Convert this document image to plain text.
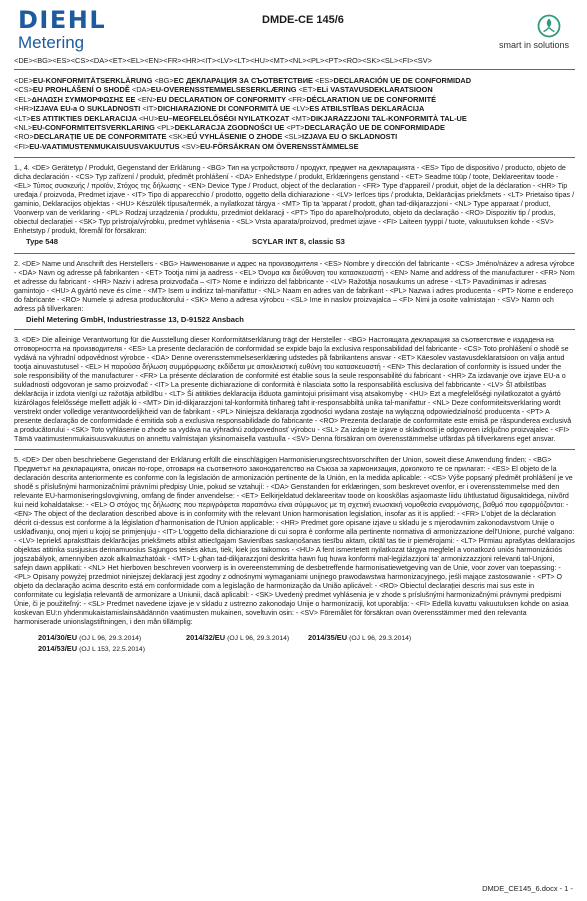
DIEHL
Metering
DMDE-CE 145/6
smart in solutions
<DE><BG><ES><CS><DA><ET><EL><EN><FR><HR><IT><LV><LT><HU><MT><NL><PL><PT><RO><SK><SL><FI><SV>
<DE>EU-KONFORMITÄTSERKLÄRUNG <BG>ЕС ДЕКЛАРАЦИЯ ЗА СЪОТВЕТСТВИЕ <ES>DECLARACIÓN UE DE CONFORMIDAD
<CS>EU PROHLÁŠENÍ O SHODĚ <DA>EU-OVERENSSTEMMELSESERKLÆRING <ET>ELi VASTAVUSDEKLARATSIOON
<EL>ΔΗΛΩΣΗ ΣΥΜΜΟΡΦΩΣΗΣ ΕΕ <EN>EU DECLARATION OF CONFORMITY <FR>DÉCLARATION UE DE CONFORMITÉ
<HR>IZJAVA EU-a O SUKLADNOSTI <IT>DICHIARAZIONE DI CONFORMITÀ UE <LV>ES ATBILSTĪBAS DEKLARĀCIJA
<LT>ES ATITIKTIES DEKLARACIJA <HU>EU–MEGFELELŐSÉGI NYILATKOZAT <MT>DIKJARAZZJONI TAL-KONFORMITÀ TAL-UE
<NL>EU-CONFORMITEITSVERKLARING <PL>DEKLARACJA ZGODNOŚCI UE <PT>DECLARAÇÃO UE DE CONFORMIDADE
<RO>DECLARAȚIE UE DE CONFORMITATE <SK>EÚ VYHLÁSENIE O ZHODE <SL>IZJAVA EU O SKLADNOSTI
<FI>EU-VAATIMUSTENMUKAISUUSVAKUUTUS <SV>EU-FÖRSÄKRAN OM ÖVERENSSTÄMMELSE

1., 4. <DE> Gerätetyp / Produkt, Gegenstand der Erklärung - <BG> Тип на устройството / продукт, предмет на декларацията - <ES> Tipo de dispositivo / producto, objeto de dicha declaración - <CS> Typ zařízení / produkt, předmět prohlášení - <DA> Enhedstype / produkt, Erklæringens genstand - <ET> Seadme tüüp / toote, Deklareeritav toode - <EL> Τύπος συσκευής / προϊόν, Στόχος της δήλωσης - <EN> Device Type / Product, object of the declaration - <FR> Type d'appareil / produit, objet de la déclaration - <HR> Tip uređaja / proizvoda, Predmet izjave - <IT> Tipo di apparecchio / prodotto, oggetto della dichiarazione - <LV> Ierīces tips / produkta, Deklarācijas priekšmets - <LT> Prietaiso tipas / gaminio, Deklaracijos objektas - <HU> Készülék típusa/termék, a nyilatkozat tárgya - <MT> Tip ta 'apparat / prodott, għan tad-dikjarazzjoni - <NL> Type apparaat / product, Voorwerp van de verklaring - <PL> Rodzaj urządzenia / produktu, przedmiot deklaracji - <PT> Tipo do aparelho/produto, objeto da declaração - <RO> Dispozitiv tip / produs, obiectul declarației - <SK> Typ prístroja/výrobku, predmet vyhlásenia - <SL> Vrsta aparata/proizvod, predmet izjave - <FI> Laiteen tyyppi / tuote, vakuutuksen kohde - <SV> Enhetstyp / produkt, föremål för försäkran:

Type 548	SCYLAR INT 8, classic S3

2. <DE> Name und Anschrift des Herstellers - <BG> Наименование и адрес на производителя - <ES> Nombre y dirección del fabricante - <CS> Jméno/název a adresa výrobce - <DA> Navn og adresse på fabrikanten - <ET> Tootja nimi ja aadress - <EL> Όνομα και διεύθυνση του κατασκευαστή - <EN> Name and address of the manufacturer - <FR> Nom et adresse du fabricant - <HR> Naziv i adresa proizvođača – <IT> Nome e indirizzo del fabbricante - <LV> Ražotāja nosaukums un adrese - <LT> Pavadinimas ir adresas gamintojo - <HU> A gyártó neve és címe - <MT> Isem u indirizz tal-manifattur - <NL> Naam en adres van de fabrikant - <PL> Nazwa i adres producenta - <PT> Nome e endereço do fabricante - <RO> Numele și adresa producătorului - <SK> Meno a adresa výrobcu - <SL> Ime in naslov proizvajalca – <FI> Nimi ja osoite valmistajan - <SV> Namn och adress på tillverkaren:

Diehl Metering GmbH, Industriestrasse 13, D-91522 Ansbach

3. <DE> Die alleinige Verantwortung für die Ausstellung dieser Konformitätserklärung trägt der Hersteller - <BG> Настоящата декларация за съответствие е издадена на отговорността на производителя - <ES> La presente declaración de conformidad se expide bajo la exclusiva responsabilidad del fabricante - <CS> Toto prohlášení o shodě se vydává na výhradní odpovědnost výrobce - <DA> Denne overensstemmelseserklæring udstedes på fabrikantens ansvar - <ET> Käesolev vastavusdeklaratsioon on välja antud tootja ainuvastutusel - <EL> Η παρούσα δήλωση συμμόρφωσης εκδίδεται με αποκλειστική ευθύνη του κατασκευαστή - <EN> This declaration of conformity is issued under the sole responsibility of the manufacturer - <FR> La présente déclaration de conformité est établie sous la seule responsabilité du fabricant - <HR> Za izdavanje ove izjave EU-a o sukladnosti odgovoran je samo proizvođač - <IT> La presente dichiarazione di conformità è rilasciata sotto la responsabilità esclusiva del fabbricante - <LV> Šī atbilstības deklarācija ir izdota vienīgi uz ražotāja atbildību - <LT> Ši atitikties deklaracija išduota gamintojui prisiimant visą atsakomybę - <HU> Ezt a megfelelőségi nyilatkozatot a gyártó kizárólagos felelőssége mellett adják ki - <MT> Din id-dikjarazzjoni tal-konformità tinħareġ taħt ir-responsabbiltà unika tal-manifattur - <NL> Deze conformiteitsverklaring wordt verstrekt onder volledige verantwoordelijkheid van de fabrikant - <PL> Niniejsza deklaracja zgodności wydana zostaje na wyłączną odpowiedzialność producenta - <PT> A presente declaração de conformidade é emitida sob a exclusiva responsabilidade do fabricante - <RO> Prezenta declarație de conformitate este emisă pe răspunderea exclusivă a producătorului - <SK> Toto vyhlásenie o zhode sa vydáva na výhradnú zodpovednosť výrobcu - <SL> Za izdajo te izjave o skladnosti je odgovoren izključno proizvajalec - <FI> Tämä vaatimustenmukaisuusvakuutus on annettu valmistajan yksinomaisella vastuulla - <SV> Denna försäkran om överensstämmelse utfärdas på tillverkarens eget ansvar.

5. <DE> Der oben beschriebene Gegenstand der Erklärung erfüllt die einschlägigen Harmonisierungsrechtsvorschriften der Union, soweit diese Anwendung finden: - <BG> Предметът на декларацията, описан по-горе, отговаря на съответното законодателство на Съюза за хармонизация, доколкото те се прилагат: - <ES> El objeto de la declaración descrita anteriormente es conforme con la legislación de armonización pertinente de la Unión, en la medida aplicable: - <CS> Výše popsaný předmět prohlášení je ve shodě s příslušnými harmonizačními právními předpisy Unie, pokud se vztahují: - <DA> Genstanden for erklæringen, som beskrevet ovenfor, er i overensstemmelse med den relevante EU-harmoniseringslovgivning, omfang de finder anvendelse: - <ET> Eelkirjeldatud deklareeritav toode on kooskõlas asjaomaste liidu ühtlustatud õigusaktidega, niivõrd kui neid kohaldatakse: - <EL> Ο στόχος της δήλωσης που περιγράφεται παραπάνω είναι σύμφωνος με τη σχετική ενωσιακή νομοθεσία εναρμόνισης, βαθμό που εφαρμόζονται: - <EN> The object of the declaration described above is in conformity with the relevant Union harmonisation legislation, insofar as it is applied: - <FR> L'objet de la déclaration décrit ci-dessus est conforme à la législation d'harmonisation de l'Union applicable: - <HR> Predmet gore opisane izjave u skladu je s mjerodavnim zakonodavstvom Unije o usklađivanju, onoj mjeri u kojoj se primjenjuju - <IT> L'oggetto della dichiarazione di cui sopra è conforme alla pertinente normativa di armonizzazione dell'Unione, purché valgano: - <LV> Iepriekš aprakstītais deklarācijas priekšmets atbilst attiecīgajam Savienības saskaņošanas tiesību aktam, ciktāl tas tie ir piemērojami: - <LT> Pirmiau aprašytas deklaracijos objektas atitinka susijusius derinamuosius Sąjungos teisės aktus, tiek, kiek jos taikomos - <HU> A fent ismertetett nyilatkozat tárgya megfelel a vonatkozó uniós harmonizációs jogszabályok, amennyiben azok alkalmazhatóak - <MT> L-għan tad-dikjarazzjoni deskritta hawn fuq huwa konformi mal-leġiżlazzjoni ta' armonizzazzjoni relevanti tal-Unjoni, safejn dawn applikati: - <NL> Het hierboven beschreven voorwerp is in overeenstemming de desbetreffende harmonisatiewetgeving van de Unie, voor zover van toepassing: - <PL> Opisany powyżej przedmiot niniejszej deklaracji jest zgodny z odnośnymi wymaganiami unijnego prawodawstwa harmonizacyjnego, jeśli mające zastosowanie - <PT> O objeto da declaração acima descrito está em conformidade com a legislação de harmonização da União aplicável: - <RO> Obiectul declarației descris mai sus este in conformitate cu legislația relevantă de armonizare a Uniunii, dacă aplicabil: - <SK> Uvedený predmet vyhlásenia je v zhode s príslušnými harmonizačnými právnymi predpismi Únie, či je použiteľný: - <SL> Predmet navedene izjave je v skladu z ustrezno zakonodajo Unije o harmonizaciji, kot uporablja: - <FI> Edellä kuvattu vakuutuksen kohde on asiaa koskevan EU:n yhdenmukaistamislainsäädännön vaatimusten mukainen, soveltuvin osin: - <SV> Föremålet för försäkran ovan överensstämmer med den relevanta harmoniserade unionslagstiftningen, i den mån tillämplig:

2014/30/EU (OJ L 96, 29.3.2014)	2014/32/EU (OJ L 96, 29.3.2014)	2014/35/EU (OJ L 96, 29.3.2014)
2014/53/EU (OJ L 153, 22.5.2014)
DMDE_CE145_6.docx - 1 -
